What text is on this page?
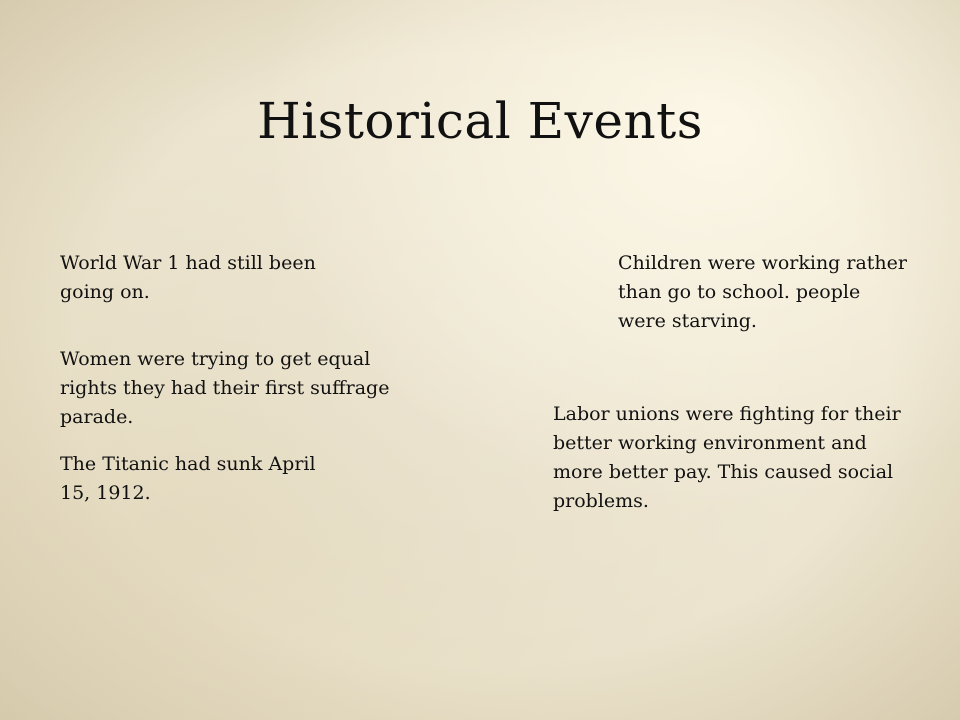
Historical Events

World War 1 had still been going on.

Women were trying to get equal rights they had their first suffrage parade.

The Titanic had sunk April 15, 1912.

Children were working rather than go to school. people were starving.

Labor unions were fighting for their better working environment and more better pay. This caused social problems.
